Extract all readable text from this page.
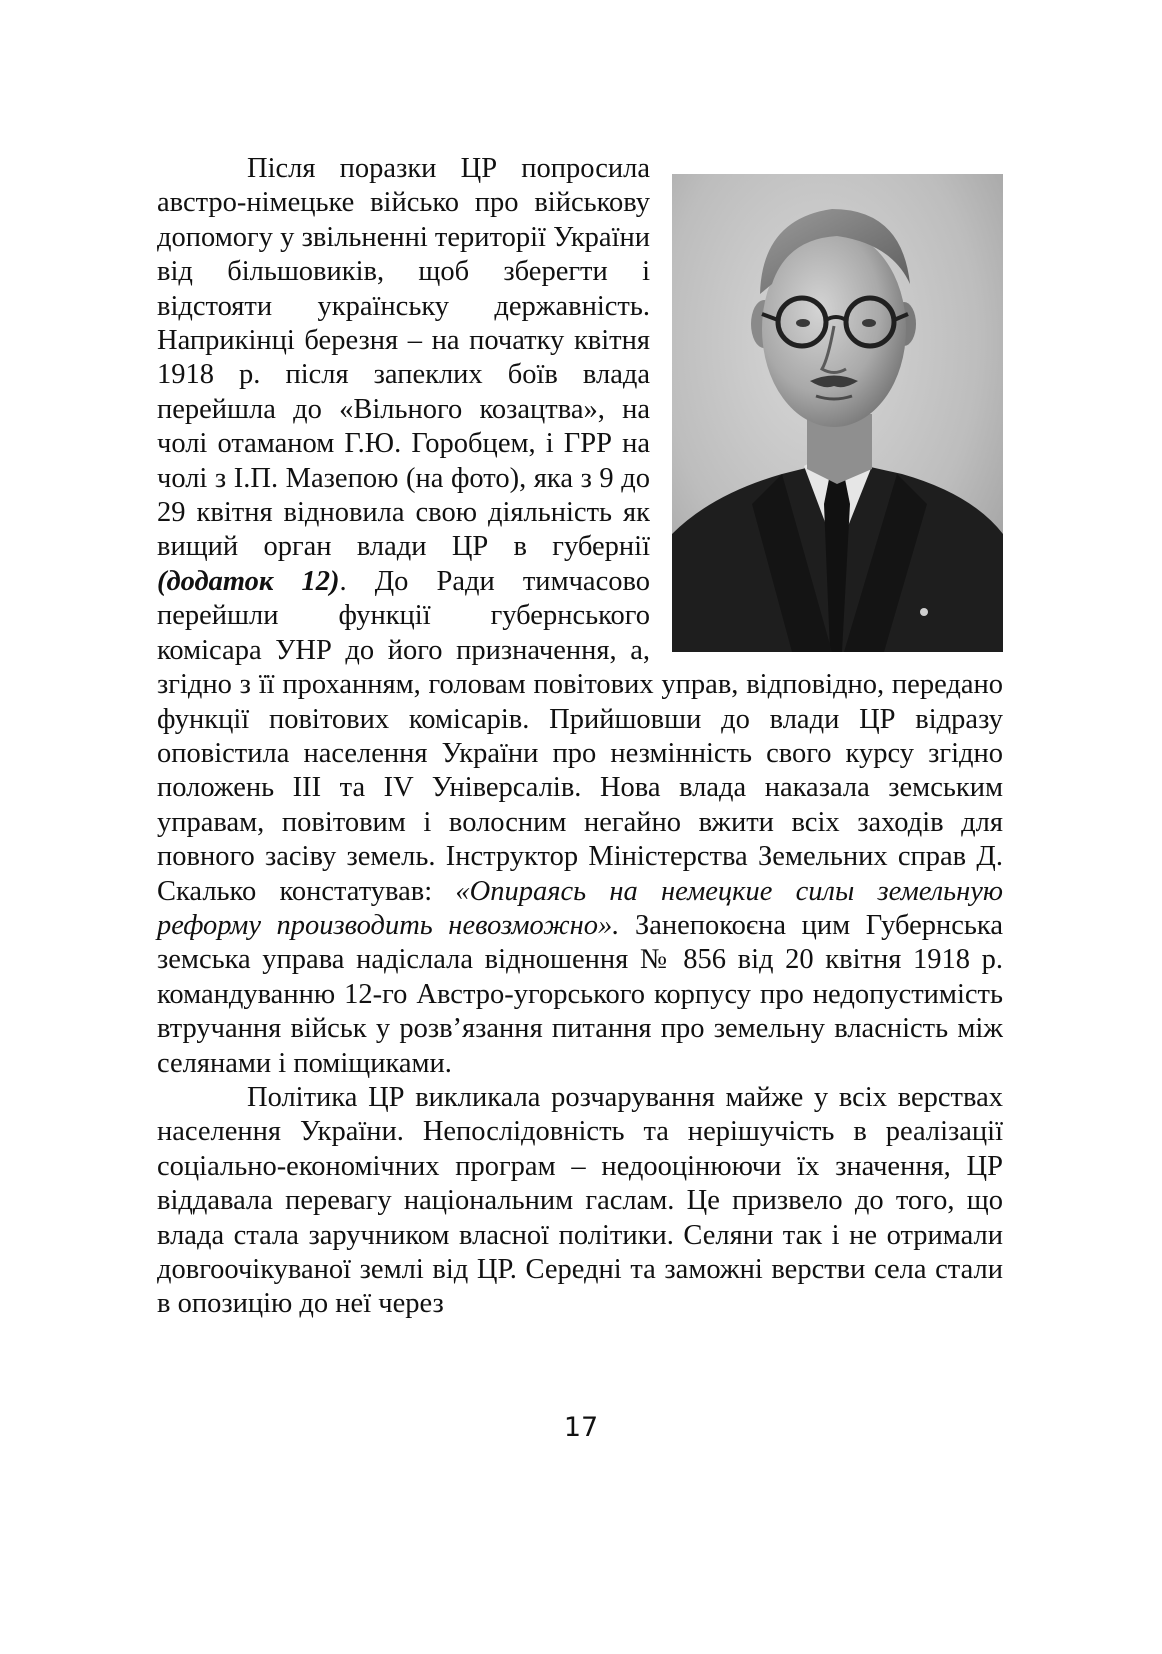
Після поразки ЦР попросила австро-німецьке військо про військову допомогу у звільненні території України від більшовиків, щоб зберегти і відстояти українську державність. Наприкінці березня – на початку квітня 1918 р. після запеклих боїв влада перейшла до «Вільного козацтва», на чолі отаманом Г.Ю. Горобцем, і ГРР на чолі з І.П. Мазепою (на фото), яка з 9 до 29 квітня відновила свою діяльність як вищий орган влади ЦР в губернії (додаток 12). До Ради тимчасово перейшли функції губернського комісара УНР до його призначення, а, згідно з її проханням, головам повітових управ, відповідно, передано функції повітових комісарів. Прийшовши до влади ЦР відразу оповістила населення України про незмінність свого курсу згідно положень ІІІ та IV Універсалів. Нова влада наказала земським управам, повітовим і волосним негайно вжити всіх заходів для повного засіву земель. Інструктор Міністерства Земельних справ Д. Скалько констатував: «Опираясь на немецкие силы земельную реформу производить невозможно». Занепокоєна цим Губернська земська управа надіслала відношення № 856 від 20 квітня 1918 р. командуванню 12-го Австро-угорського корпусу про недопустимість втручання військ у розв’язання питання про земельну власність між селянами і поміщиками.

Політика ЦР викликала розчарування майже у всіх верствах населення України. Непослідовність та нерішучість в реалізації соціально-економічних програм – недооцінюючи їх значення, ЦР віддавала перевагу національним гаслам. Це призвело до того, що влада стала заручником власної політики. Селяни так і не отримали довгоочікуваної землі від ЦР. Середні та заможні верстви села стали в опозицію до неї через

17
